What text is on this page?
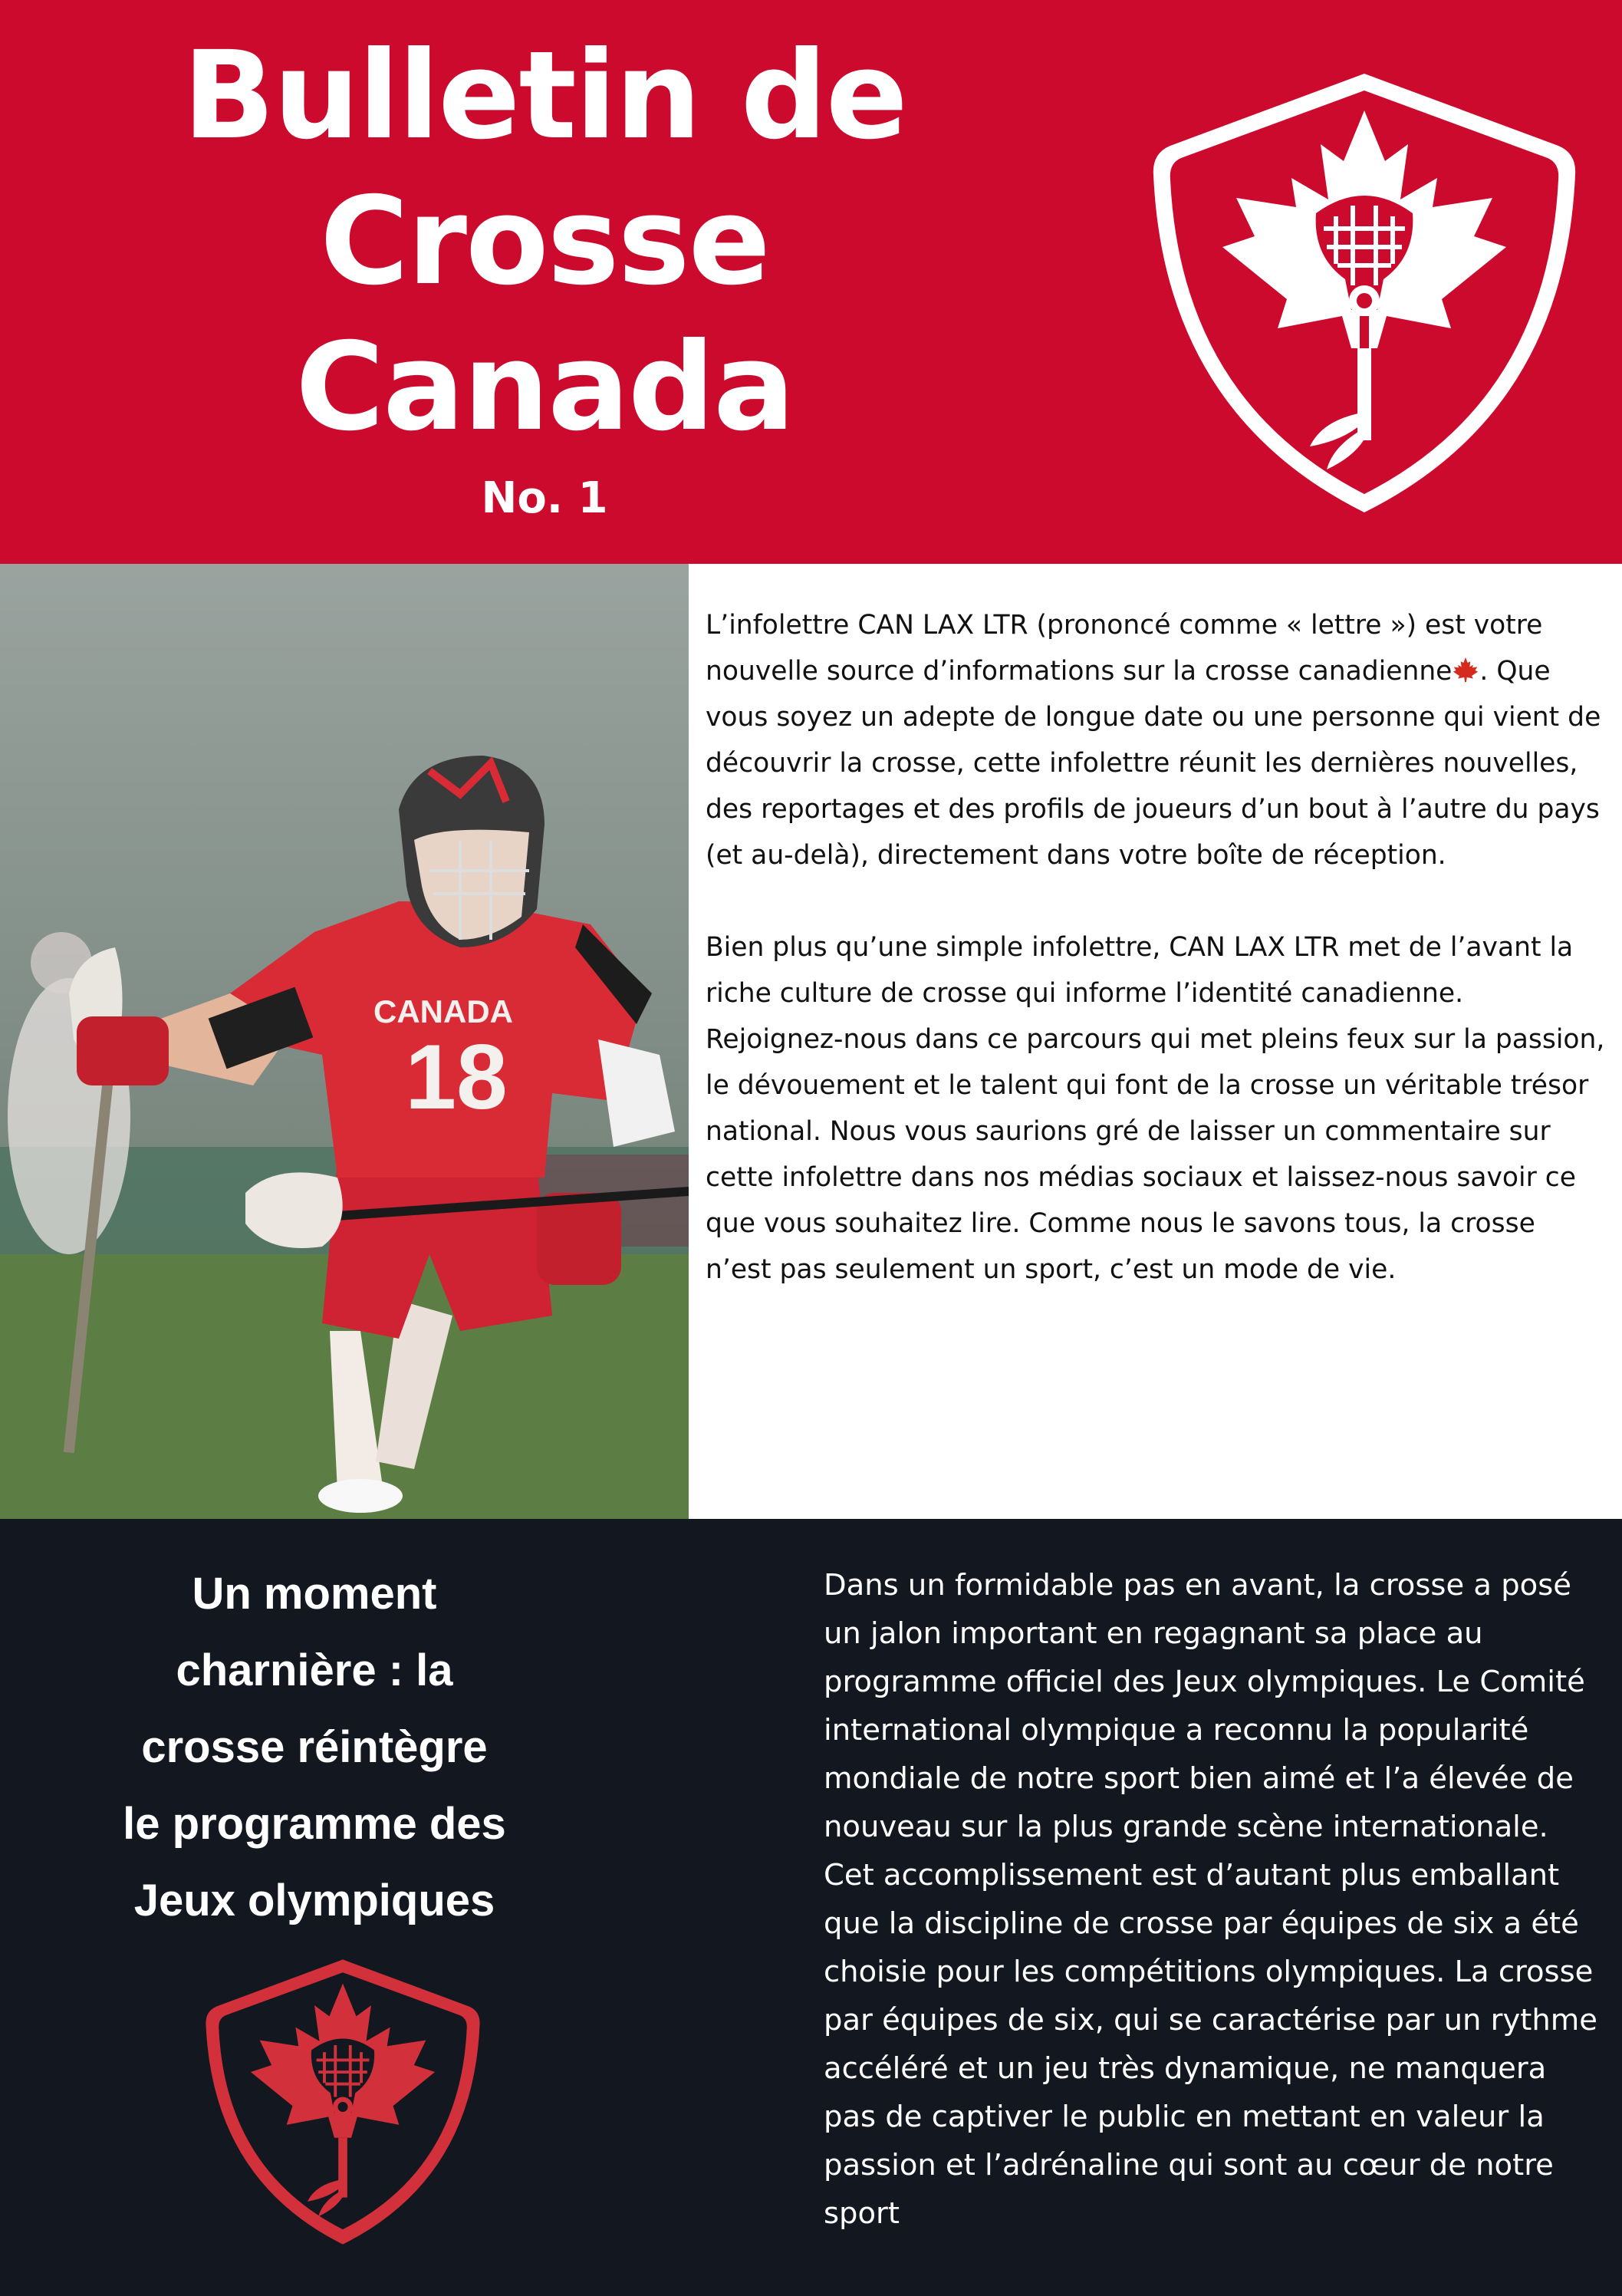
Bulletin de
Crosse
Canada
No. 1
CANADA
18

L’infolettre CAN LAX LTR (prononcé comme « lettre ») est votre nouvelle source d’informations sur la crosse canadienne . Que vous soyez un adepte de longue date ou une personne qui vient de découvrir la crosse, cette infolettre réunit les dernières nouvelles, des reportages et des profils de joueurs d’un bout à l’autre du pays (et au-delà), directement dans votre boîte de réception.

Bien plus qu’une simple infolettre, CAN LAX LTR met de l’avant la riche culture de crosse qui informe l’identité canadienne. Rejoignez-nous dans ce parcours qui met pleins feux sur la passion, le dévouement et le talent qui font de la crosse un véritable trésor national. Nous vous saurions gré de laisser un commentaire sur cette infolettre dans nos médias sociaux et laissez-nous savoir ce que vous souhaitez lire. Comme nous le savons tous, la crosse n’est pas seulement un sport, c’est un mode de vie.

Un moment
charnière : la
crosse réintègre
le programme des
Jeux olympiques
Dans un formidable pas en avant, la crosse a posé un jalon important en regagnant sa place au programme officiel des Jeux olympiques. Le Comité international olympique a reconnu la popularité mondiale de notre sport bien aimé et l’a élevée de nouveau sur la plus grande scène internationale. Cet accomplissement est d’autant plus emballant que la discipline de crosse par équipes de six a été choisie pour les compétitions olympiques. La crosse par équipes de six, qui se caractérise par un rythme accéléré et un jeu très dynamique, ne manquera pas de captiver le public en mettant en valeur la passion et l’adrénaline qui sont au cœur de notre sport
